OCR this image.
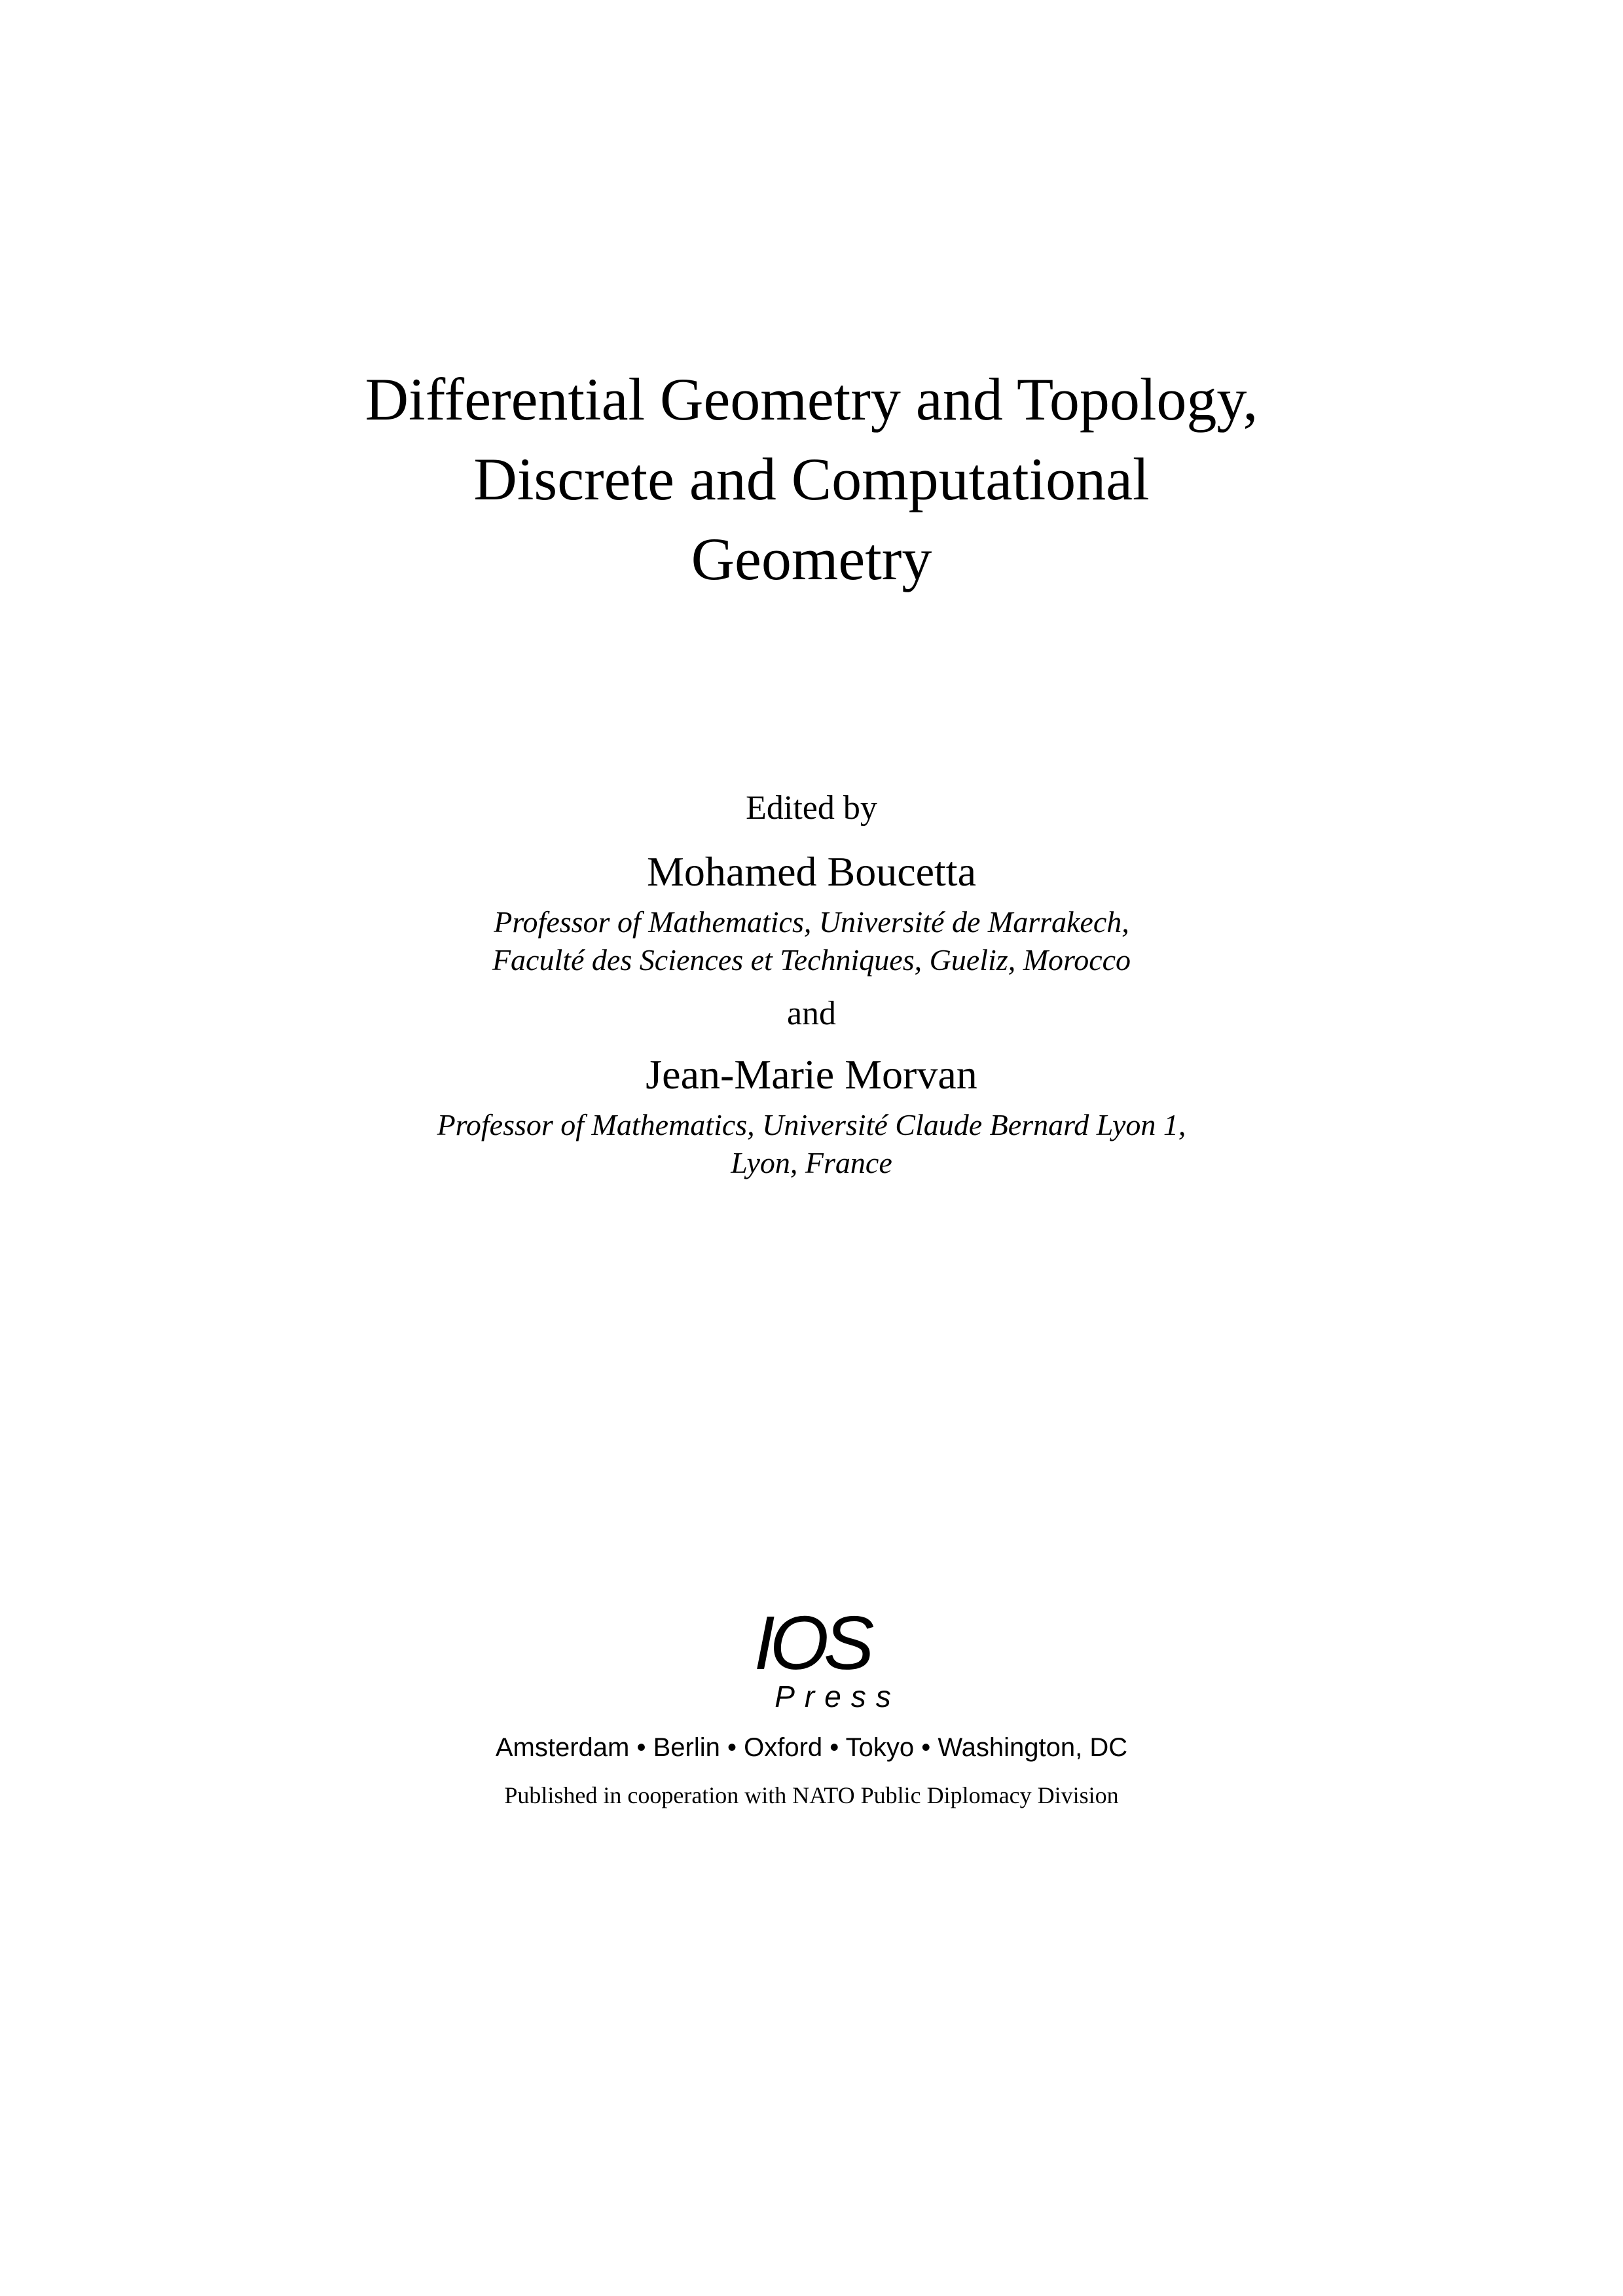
Differential Geometry and Topology,
Discrete and Computational
Geometry
Edited by
Mohamed Boucetta
Professor of Mathematics, Université de Marrakech,
Faculté des Sciences et Techniques, Gueliz, Morocco
and
Jean-Marie Morvan
Professor of Mathematics, Université Claude Bernard Lyon 1,
Lyon, France
IOS
Press
Amsterdam • Berlin • Oxford • Tokyo • Washington, DC
Published in cooperation with NATO Public Diplomacy Division
